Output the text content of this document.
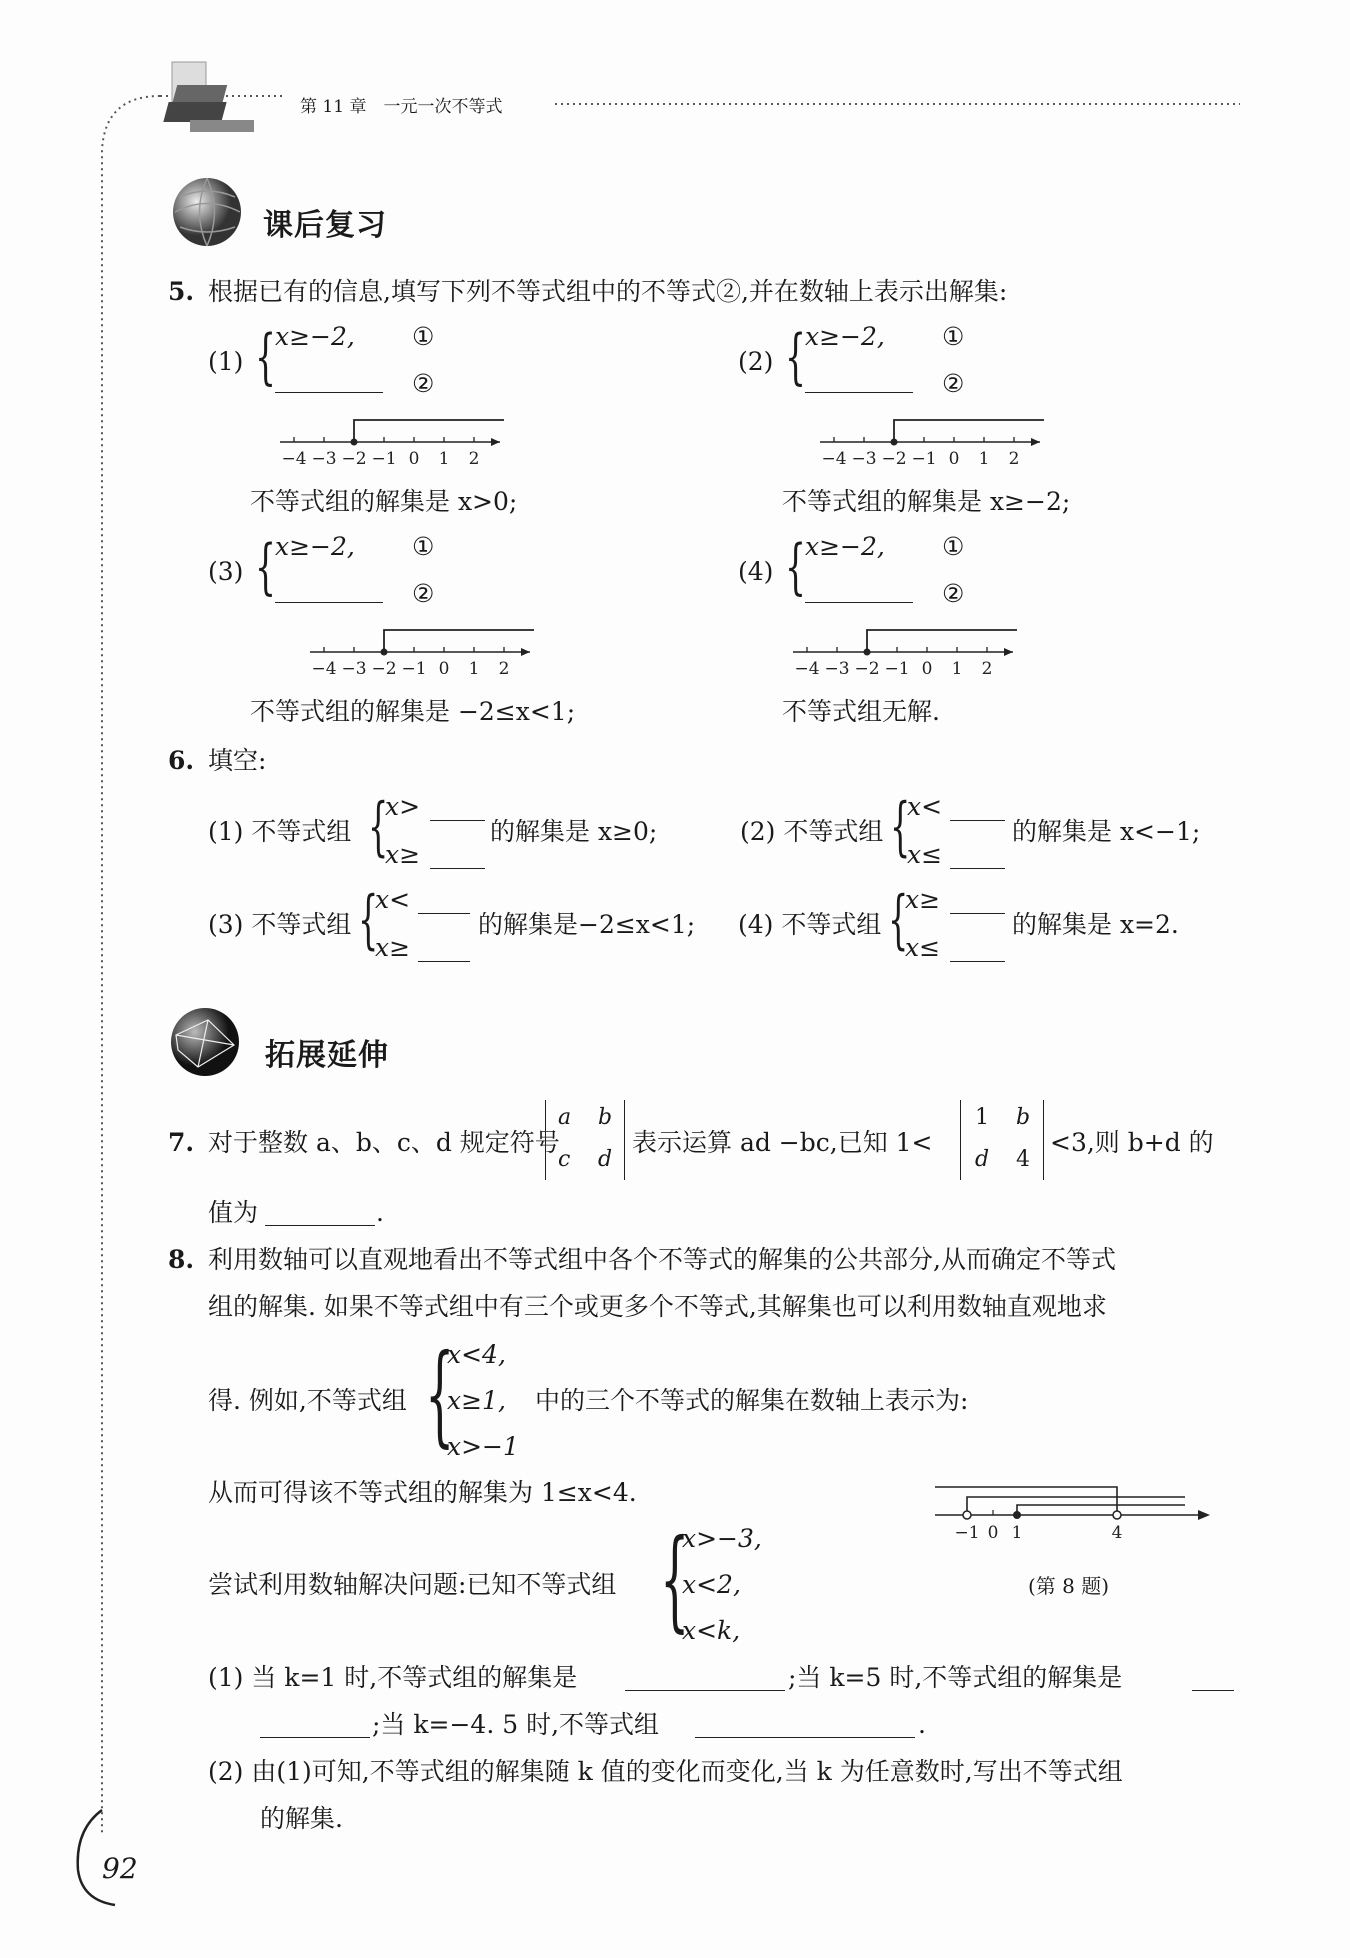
第 11 章　一元一次不等式
课后复习
5. 根据已有的信息,填写下列不等式组中的不等式②,并在数轴上表示出解集:
(1) {
x≥−2, ①
②
不等式组的解集是 x>0;
(2) {
x≥−2, ①
②
不等式组的解集是 x≥−2;
(3) {
x≥−2, ①
②
不等式组的解集是 −2≤x<1;
(4) {
x≥−2, ①
②
不等式组无解.
−4 −3 −2 −1 0 1 2	−4 −3 −2 −1 0 1 2
−4 −3 −2 −1 0 1 2	−4 −3 −2 −1 0 1 2
6. 填空:
(1) 不等式组 {
x>
x≥
的解集是 x≥0;	(2) 不等式组 {
x<
x≤
的解集是 x<−1;
(3) 不等式组 {
x<
x≥
的解集是−2≤x<1; (4) 不等式组 {
x≥
x≤
的解集是 x=2.
拓展延伸
7. 对于整数 a、b、c、d 规定符号
a b
c d
表示运算 ad −bc,已知 1<
1 b
d 4
<3,则 b+d 的
值为	.
8. 利用数轴可以直观地看出不等式组中各个不等式的解集的公共部分,从而确定不等式
组的解集. 如果不等式组中有三个或更多个不等式,其解集也可以利用数轴直观地求
得. 例如,不等式组 {
x<4,
x≥1,
x>−1
中的三个不等式的解集在数轴上表示为:
从而可得该不等式组的解集为 1≤x<4.
−1 0 1	4
(第 8 题)
尝试利用数轴解决问题:已知不等式组 {
x>−3,
x<2,
x<k,
(1) 当 k=1 时,不等式组的解集是	;当 k=5 时,不等式组的解集是
;当 k=−4. 5 时,不等式组	.
(2) 由(1)可知,不等式组的解集随 k 值的变化而变化,当 k 为任意数时,写出不等式组
的解集.
92
